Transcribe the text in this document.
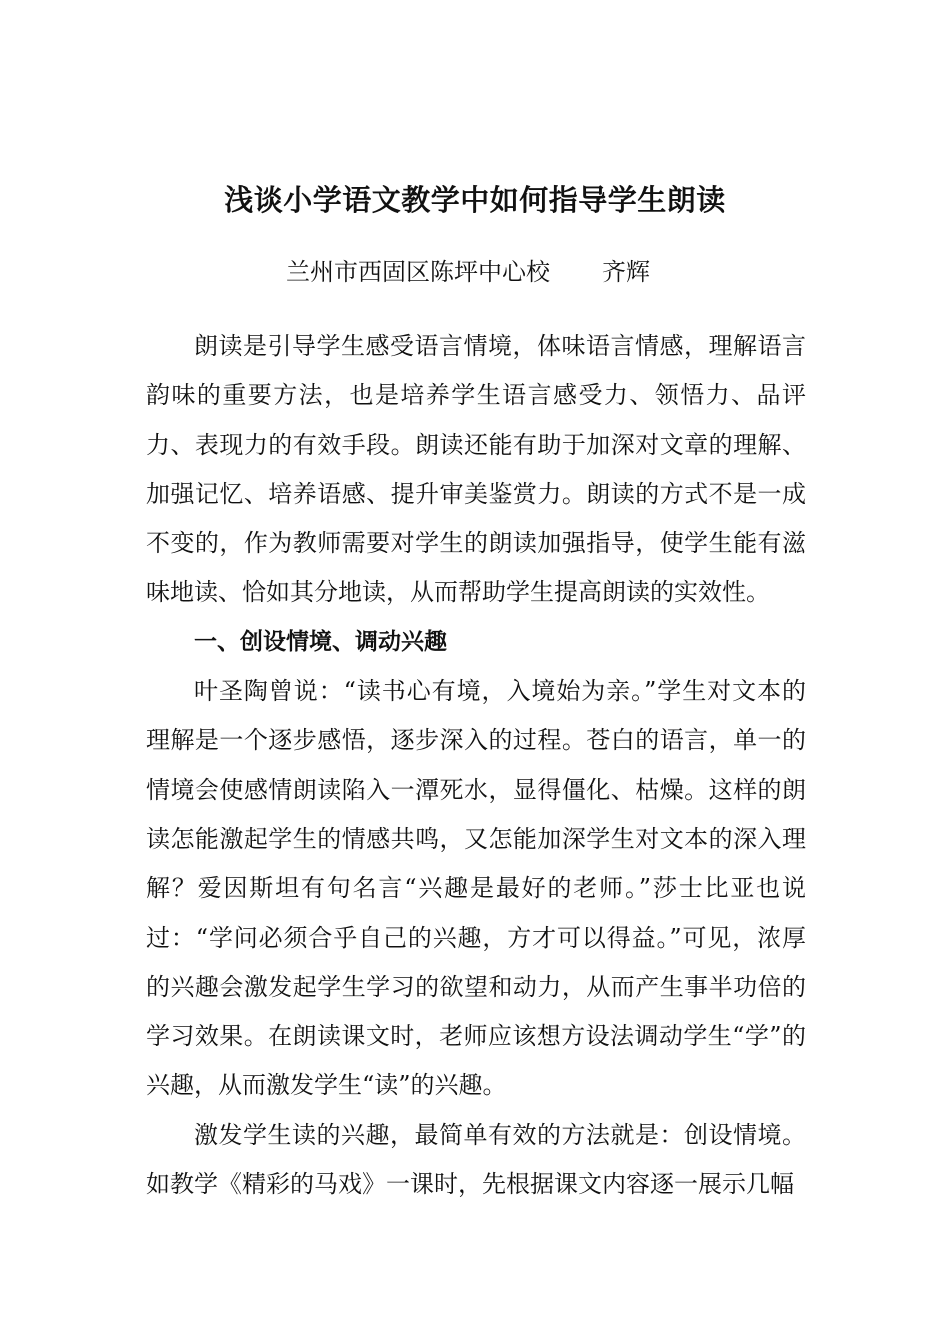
浅谈小学语文教学中如何指导学生朗读

兰州市西固区陈坪中心校 齐辉

朗读是引导学生感受语言情境，体味语言情感，理解语言韵味的重要方法，也是培养学生语言感受力、领悟力、品评力、表现力的有效手段。朗读还能有助于加深对文章的理解、加强记忆、培养语感、提升审美鉴赏力。朗读的方式不是一成不变的，作为教师需要对学生的朗读加强指导，使学生能有滋味地读、恰如其分地读，从而帮助学生提高朗读的实效性。

一、创设情境、调动兴趣

叶圣陶曾说：“读书心有境，入境始为亲。”学生对文本的理解是一个逐步感悟，逐步深入的过程。苍白的语言，单一的情境会使感情朗读陷入一潭死水，显得僵化、枯燥。这样的朗读怎能激起学生的情感共鸣，又怎能加深学生对文本的深入理解？爱因斯坦有句名言“兴趣是最好的老师。”莎士比亚也说过：“学问必须合乎自己的兴趣，方才可以得益。”可见，浓厚的兴趣会激发起学生学习的欲望和动力，从而产生事半功倍的学习效果。在朗读课文时，老师应该想方设法调动学生“学”的兴趣，从而激发学生“读”的兴趣。

激发学生读的兴趣，最简单有效的方法就是：创设情境。如教学《精彩的马戏》一课时，先根据课文内容逐一展示几幅
